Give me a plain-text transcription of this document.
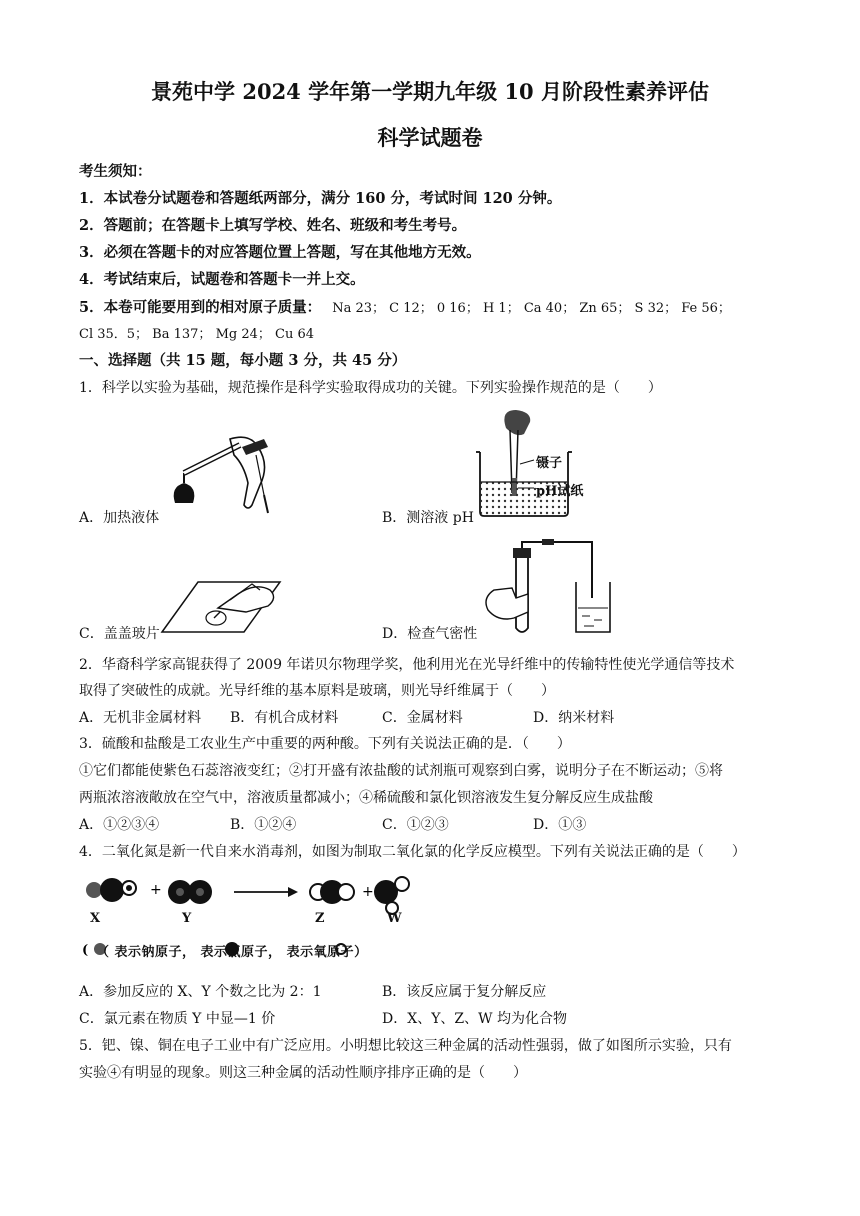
景苑中学 2024 学年第一学期九年级 10 月阶段性素养评估
科学试题卷
考生须知：
1．本试卷分试题卷和答题纸两部分，满分 160 分，考试时间 120 分钟。
2．答题前；在答题卡上填写学校、姓名、班级和考生考号。
3．必须在答题卡的对应答题位置上答题，写在其他地方无效。
4．考试结束后，试题卷和答题卡一并上交。
5．本卷可能要用到的相对原子质量： Na 23； C 12； 0 16； H 1； Ca 40； Zn 65； S 32； Fe 56；
Cl 35．5； Ba 137； Mg 24； Cu 64
一、选择题（共 15 题，每小题 3 分，共 45 分）
1．科学以实验为基础，规范操作是科学实验取得成功的关键。下列实验操作规范的是（　　）
A．加热液体
镊子
pH试纸
B．测溶液 pH
C．盖盖玻片	D．检查气密性
2．华裔科学家高锟获得了 2009 年诺贝尔物理学奖，他利用光在光导纤维中的传输特性使光学通信等技术
取得了突破性的成就。光导纤维的基本原料是玻璃，则光导纤维属于（　　）
A．无机非金属材料 B．有机合成材料	C．金属材料	D．纳米材料
3．硫酸和盐酸是工农业生产中重要的两种酸。下列有关说法正确的是．（　　）
①它们都能使紫色石蕊溶液变红；②打开盛有浓盐酸的试剂瓶可观察到白雾，说明分子在不断运动；⑤将
两瓶浓溶液敞放在空气中，溶液质量都减小；④稀硫酸和氯化钡溶液发生复分解反应生成盐酸
A．①②③④	B．①②④	C．①②③	D．①③
4．二氧化氮是新一代自来水消毒剂，如图为制取二氧化氯的化学反应模型。下列有关说法正确的是（　　）
+	+
(
X	Y	Z	W
（ 表示钠原子， 表示氯原子， 表示氧原子）
A．参加反应的 X、Y 个数之比为 2：1	B．该反应属于复分解反应
C．氯元素在物质 Y 中显—1 价	D．X、Y、Z、W 均为化合物
5．钯、镍、铜在电子工业中有广泛应用。小明想比较这三种金属的活动性强弱，做了如图所示实验，只有
实验④有明显的现象。则这三种金属的活动性顺序排序正确的是（　　）
